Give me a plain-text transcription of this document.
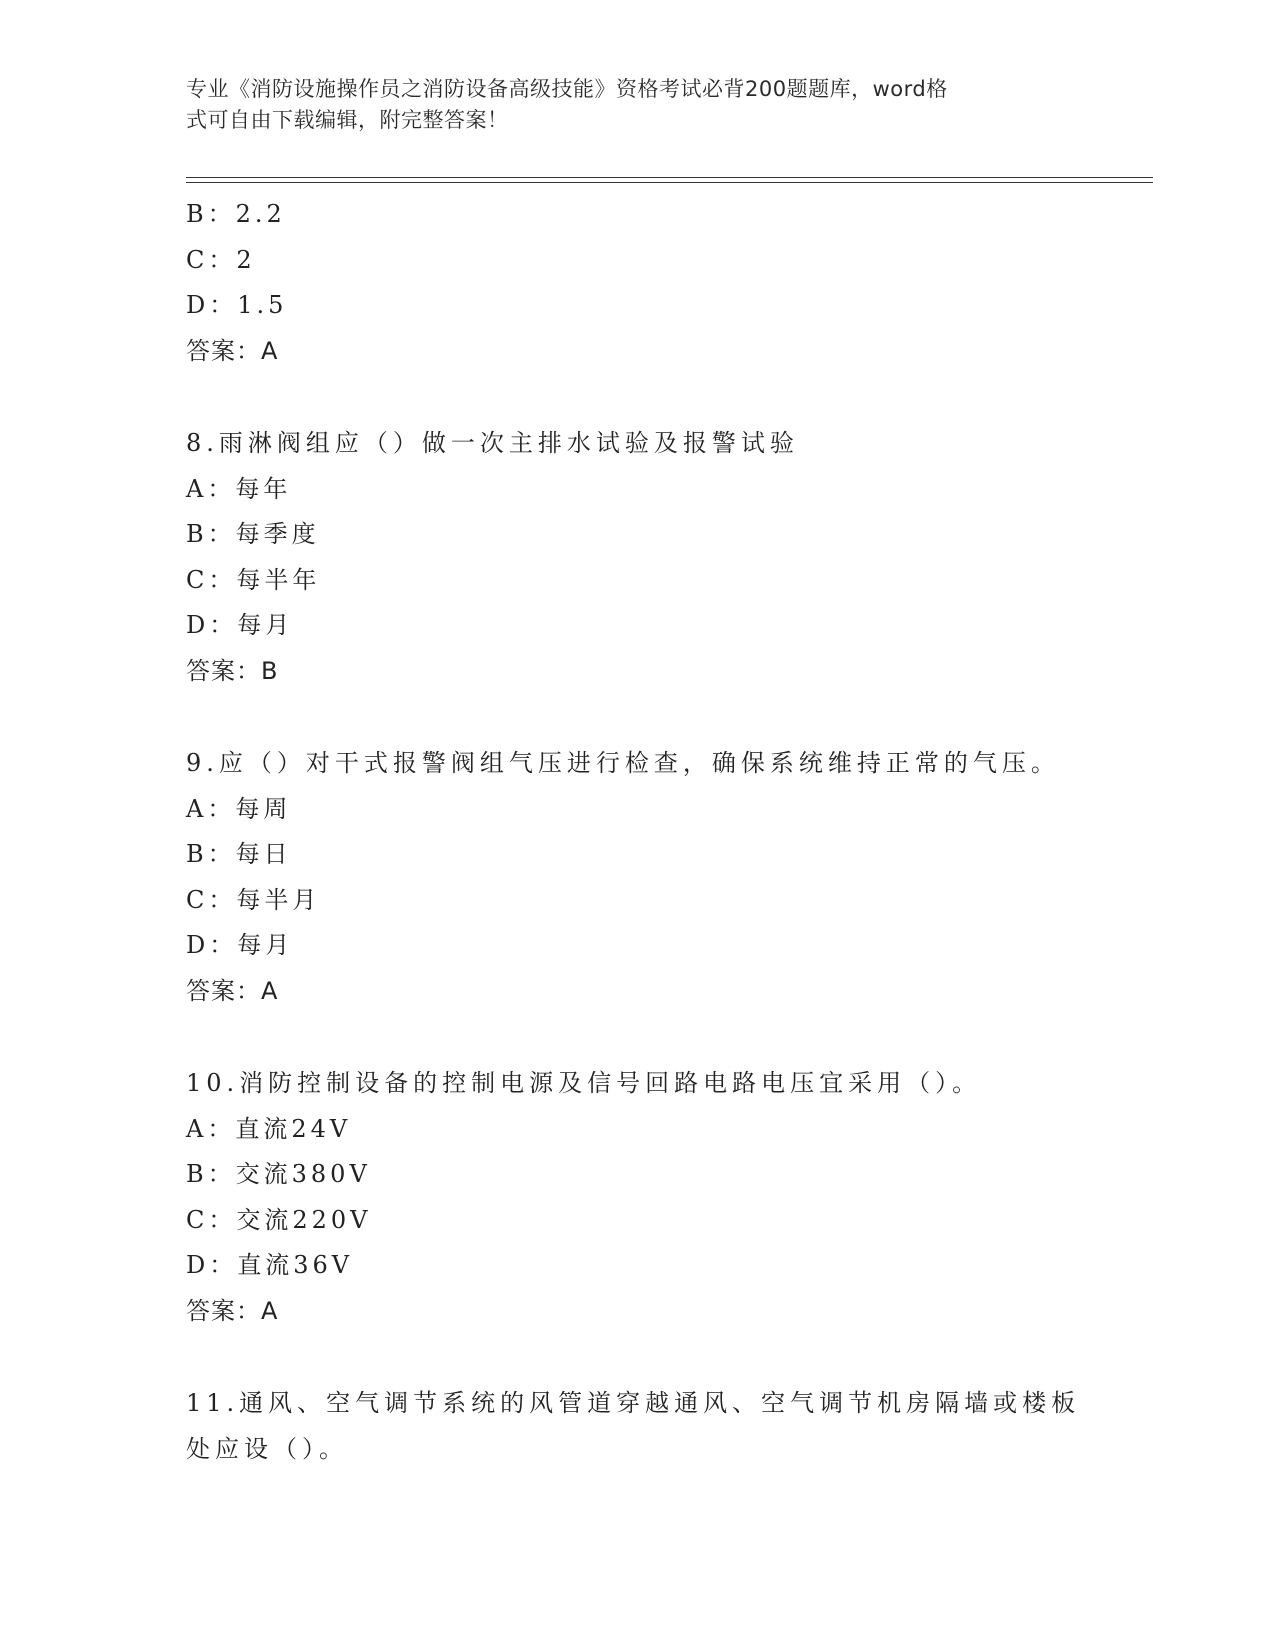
专业《消防设施操作员之消防设备高级技能》资格考试必背200题题库，word格
式可自由下载编辑，附完整答案！
B：2.2
C：2
D：1.5
答案：A
8.雨淋阀组应（）做一次主排水试验及报警试验
A：每年
B：每季度
C：每半年
D：每月
答案：B
9.应（）对干式报警阀组气压进行检查，确保系统维持正常的气压。
A：每周
B：每日
C：每半月
D：每月
答案：A
10.消防控制设备的控制电源及信号回路电路电压宜采用（）。
A：直流24V
B：交流380V
C：交流220V
D：直流36V
答案：A
11.通风、空气调节系统的风管道穿越通风、空气调节机房隔墙或楼板
处应设（）。
